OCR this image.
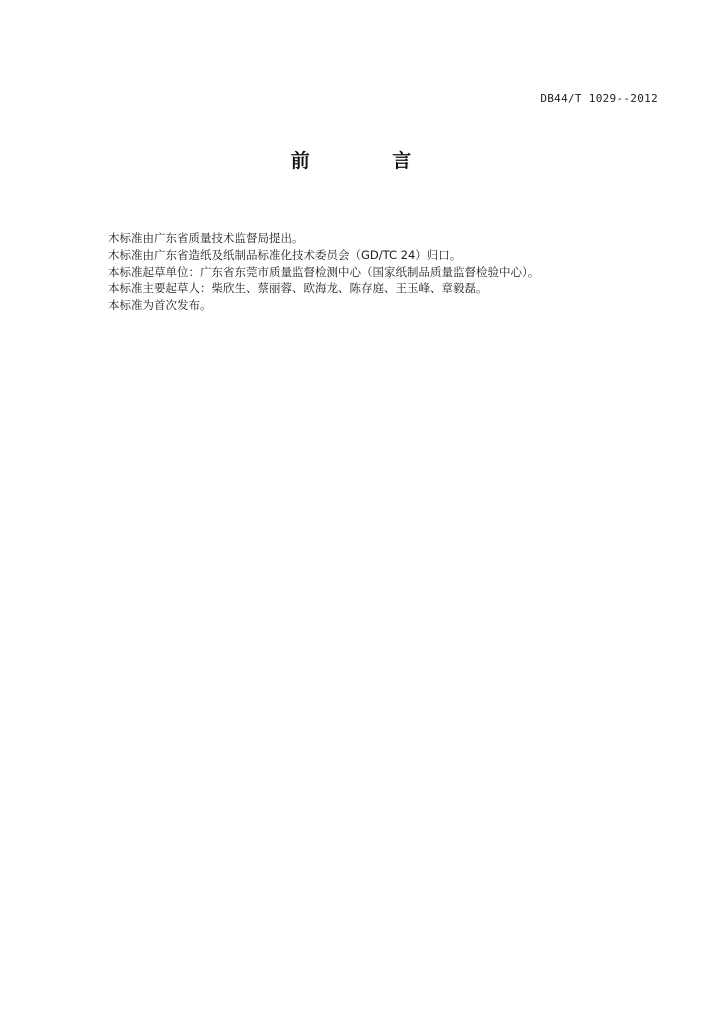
DB44/T 1029--2012
前 言
木标准由广东省质量技术监督局提出。
木标准由广东省造纸及纸制品标准化技术委员会（GD/TC 24）归口。
本标准起草单位：广东省东莞市质量监督检测中心（国家纸制品质量监督检验中心）。
本标准主要起草人：柴欣生、蔡丽蓉、欧海龙、陈存庭、王玉峰、章毅磊。
本标准为首次发布。
